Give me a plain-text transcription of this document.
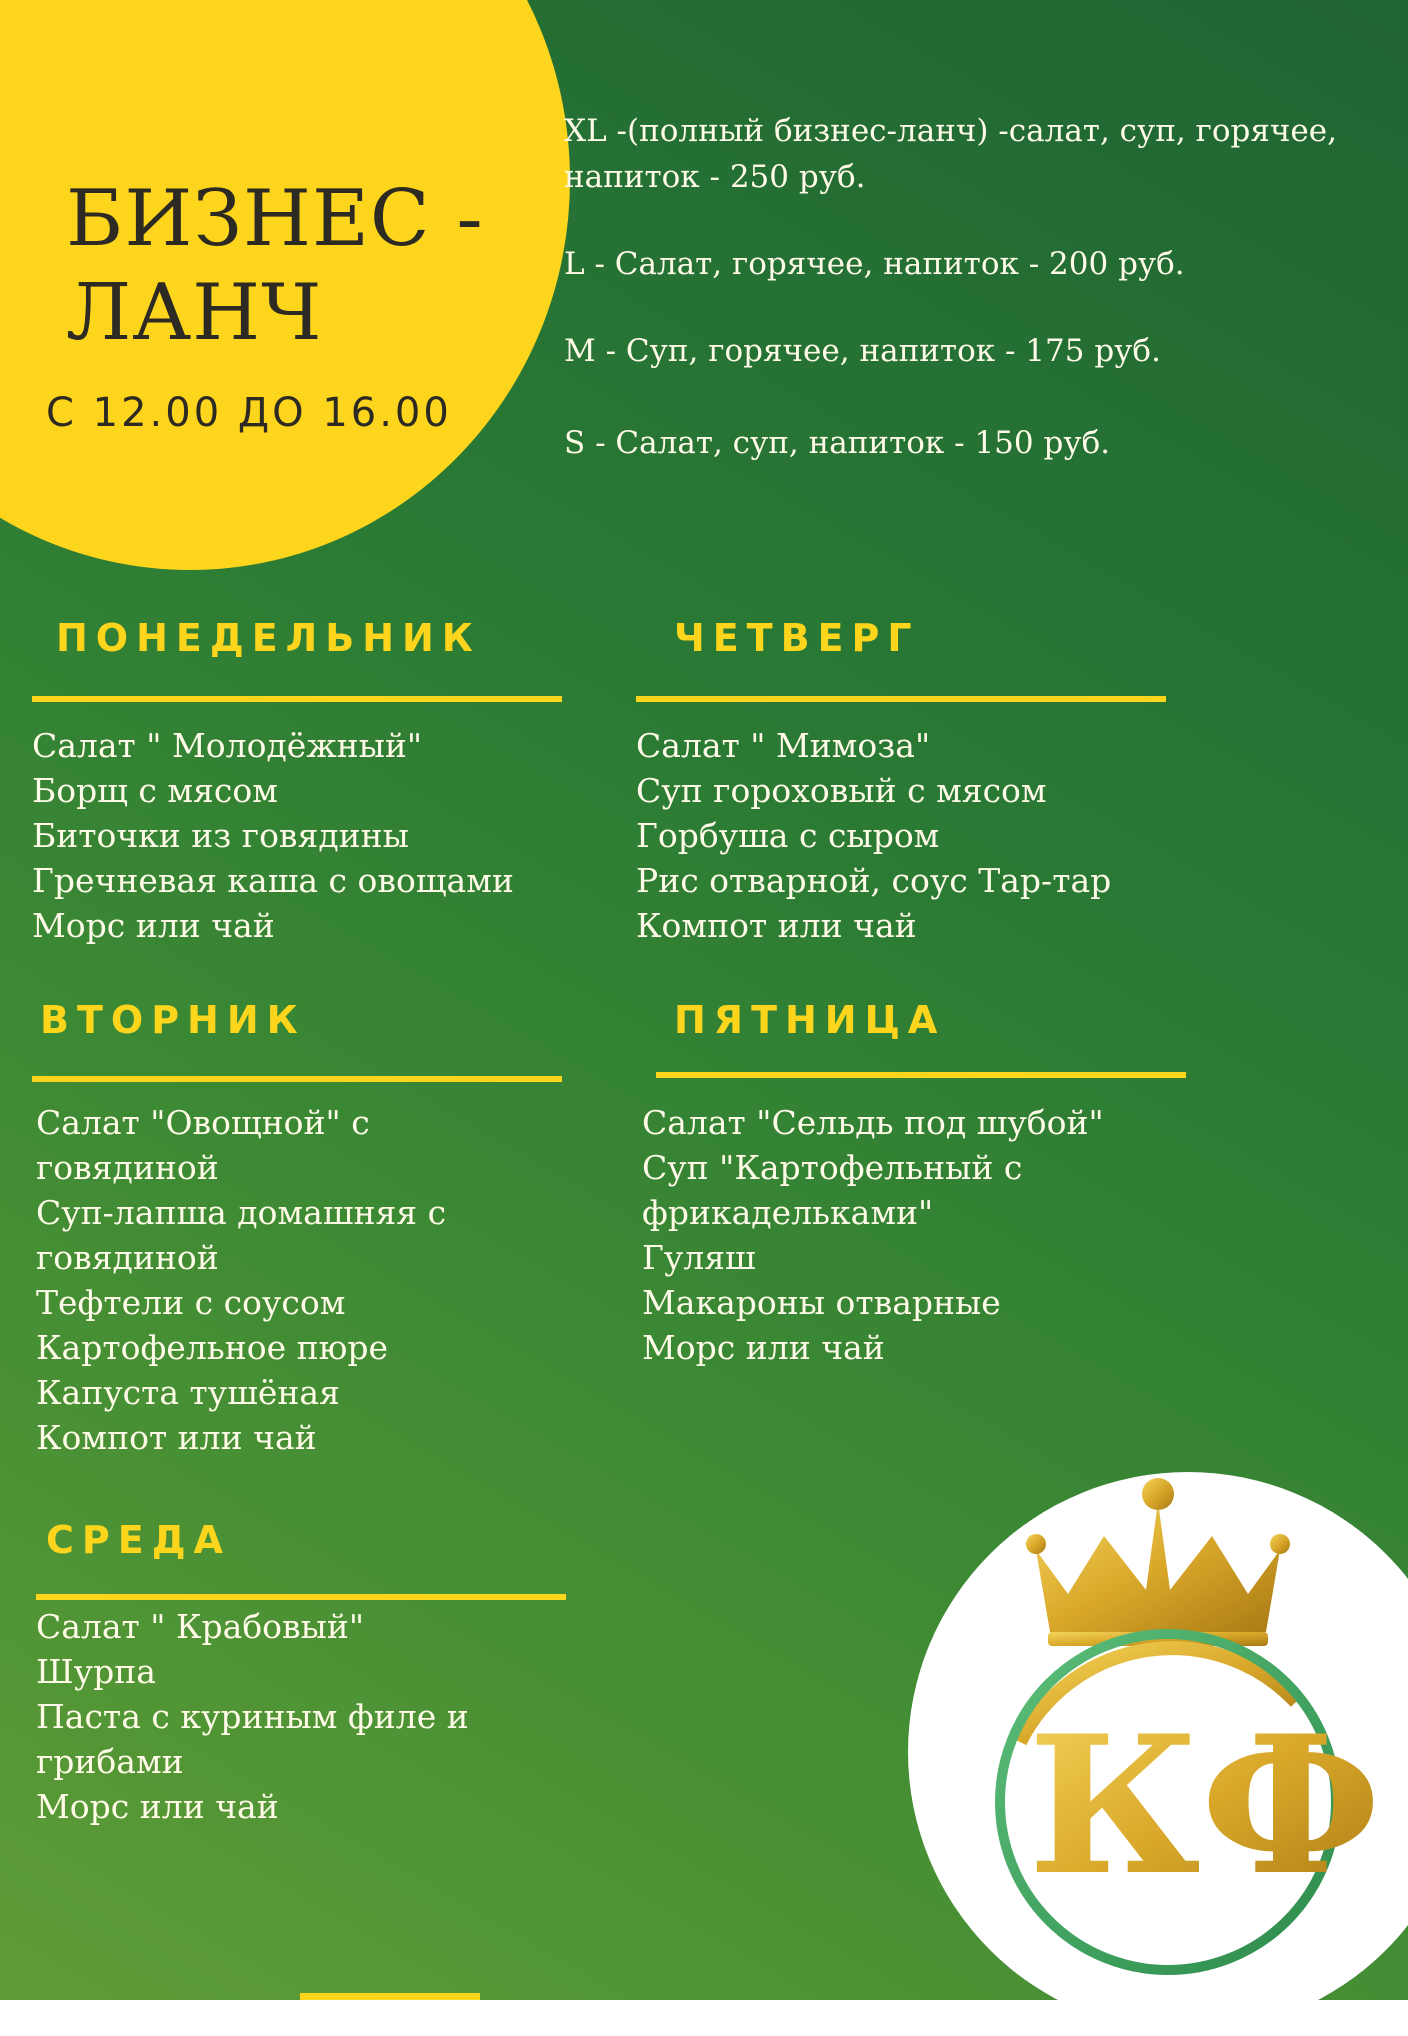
БИЗНЕС -
ЛАНЧ
С 12.00 ДО 16.00
XL -(полный бизнес-ланч) -салат, суп, горячее, напиток - 250 руб.
L - Салат, горячее, напиток - 200 руб.
M - Суп, горячее, напиток - 175 руб.
S - Салат, суп, напиток - 150 руб.
ПОНЕДЕЛЬНИК
Салат " Молодёжный"
Борщ с мясом
Биточки из говядины
Гречневая каша с овощами
Морс или чай
ЧЕТВЕРГ
Салат " Мимоза"
Суп гороховый с мясом
Горбуша с сыром
Рис отварной, соус Тар-тар
Компот или чай
ВТОРНИК
Салат "Овощной" с говядиной
Суп-лапша домашняя с говядиной
Тефтели с соусом
Картофельное пюре
Капуста тушёная
Компот или чай
ПЯТНИЦА
Салат "Сельдь под шубой"
Суп "Картофельный с фрикадельками"
Гуляш
Макароны отварные
Морс или чай
СРЕДА
Салат " Крабовый"
Шурпа
Паста с куриным филе и грибами
Морс или чай	КФ
